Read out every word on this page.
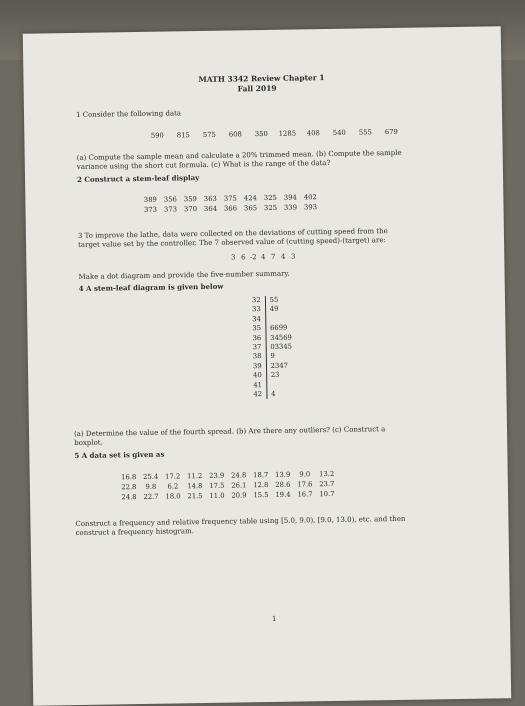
MATH 3342 Review Chapter 1
Fall 2019
1 Consider the following data
590	815	575	608	350	1285	408	540	555	679
(a) Compute the sample mean and calculate a 20% trimmed mean. (b) Compute the sample
variance using the short cut formula. (c) What is the range of the data?
2 Construct a stem-leaf display
389	356	359	363	375	424	325	394	402
373	373	370	364	366	365	325	339	393
3 To improve the lathe, data were collected on the deviations of cutting speed from the
target value set by the controller. The 7 observed value of (cutting speed)-(target) are:
3 6 -2 4 7 4 3
Make a dot diagram and provide the five-number summary.
4 A stem-leaf diagram is given below
32	55
33	49
34	
35	6699
36	34569
37	03345
38	9
39	2347
40	23
41	
42	4
(a) Determine the value of the fourth spread. (b) Are there any outliers? (c) Construct a
boxplot.
5 A data set is given as
16.8 25.4 17.2 11.2 23.9 24.8 18.7 13.9	9.0	13.2
22.8	9.8	6.2	14.8 17.5 26.1 12.8 28.6 17.6 23.7
24.8 22.7 18.0 21.5 11.0 20.9 15.5 19.4 16.7 10.7
Construct a frequency and relative frequency table using [5.0, 9.0), [9.0, 13.0), etc. and then
construct a frequency histogram.
1
